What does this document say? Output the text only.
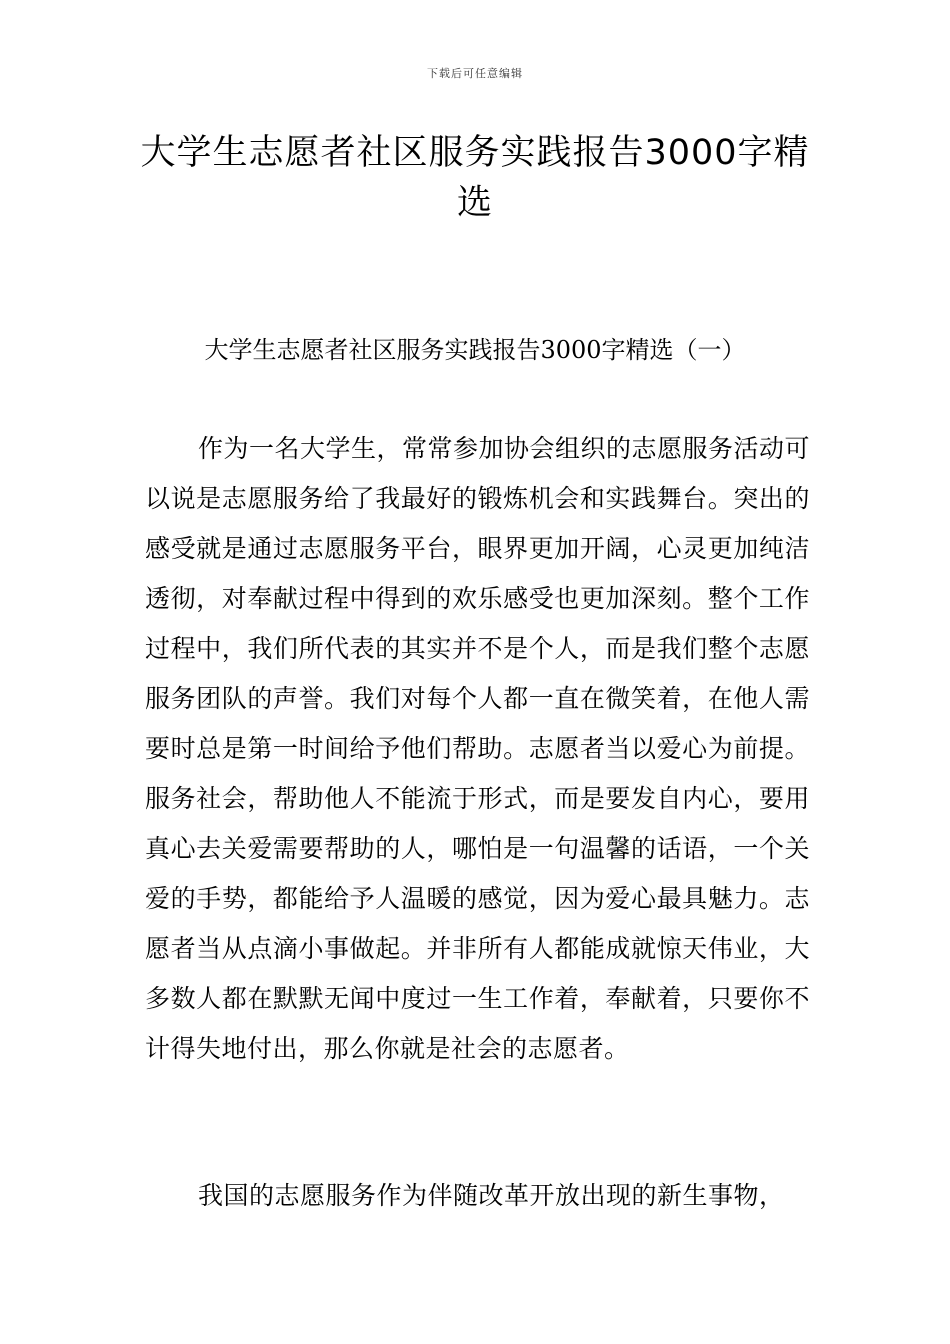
下载后可任意编辑
大学生志愿者社区服务实践报告3000字精选
大学生志愿者社区服务实践报告3000字精选（一）

作为一名大学生，常常参加协会组织的志愿服务活动可以说是志愿服务给了我最好的锻炼机会和实践舞台。突出的感受就是通过志愿服务平台，眼界更加开阔，心灵更加纯洁透彻，对奉献过程中得到的欢乐感受也更加深刻。整个工作过程中，我们所代表的其实并不是个人，而是我们整个志愿服务团队的声誉。我们对每个人都一直在微笑着，在他人需要时总是第一时间给予他们帮助。志愿者当以爱心为前提。服务社会，帮助他人不能流于形式，而是要发自内心，要用真心去关爱需要帮助的人，哪怕是一句温馨的话语，一个关爱的手势，都能给予人温暖的感觉，因为爱心最具魅力。志愿者当从点滴小事做起。并非所有人都能成就惊天伟业，大多数人都在默默无闻中度过一生工作着，奉献着，只要你不计得失地付出，那么你就是社会的志愿者。

我国的志愿服务作为伴随改革开放出现的新生事物，
